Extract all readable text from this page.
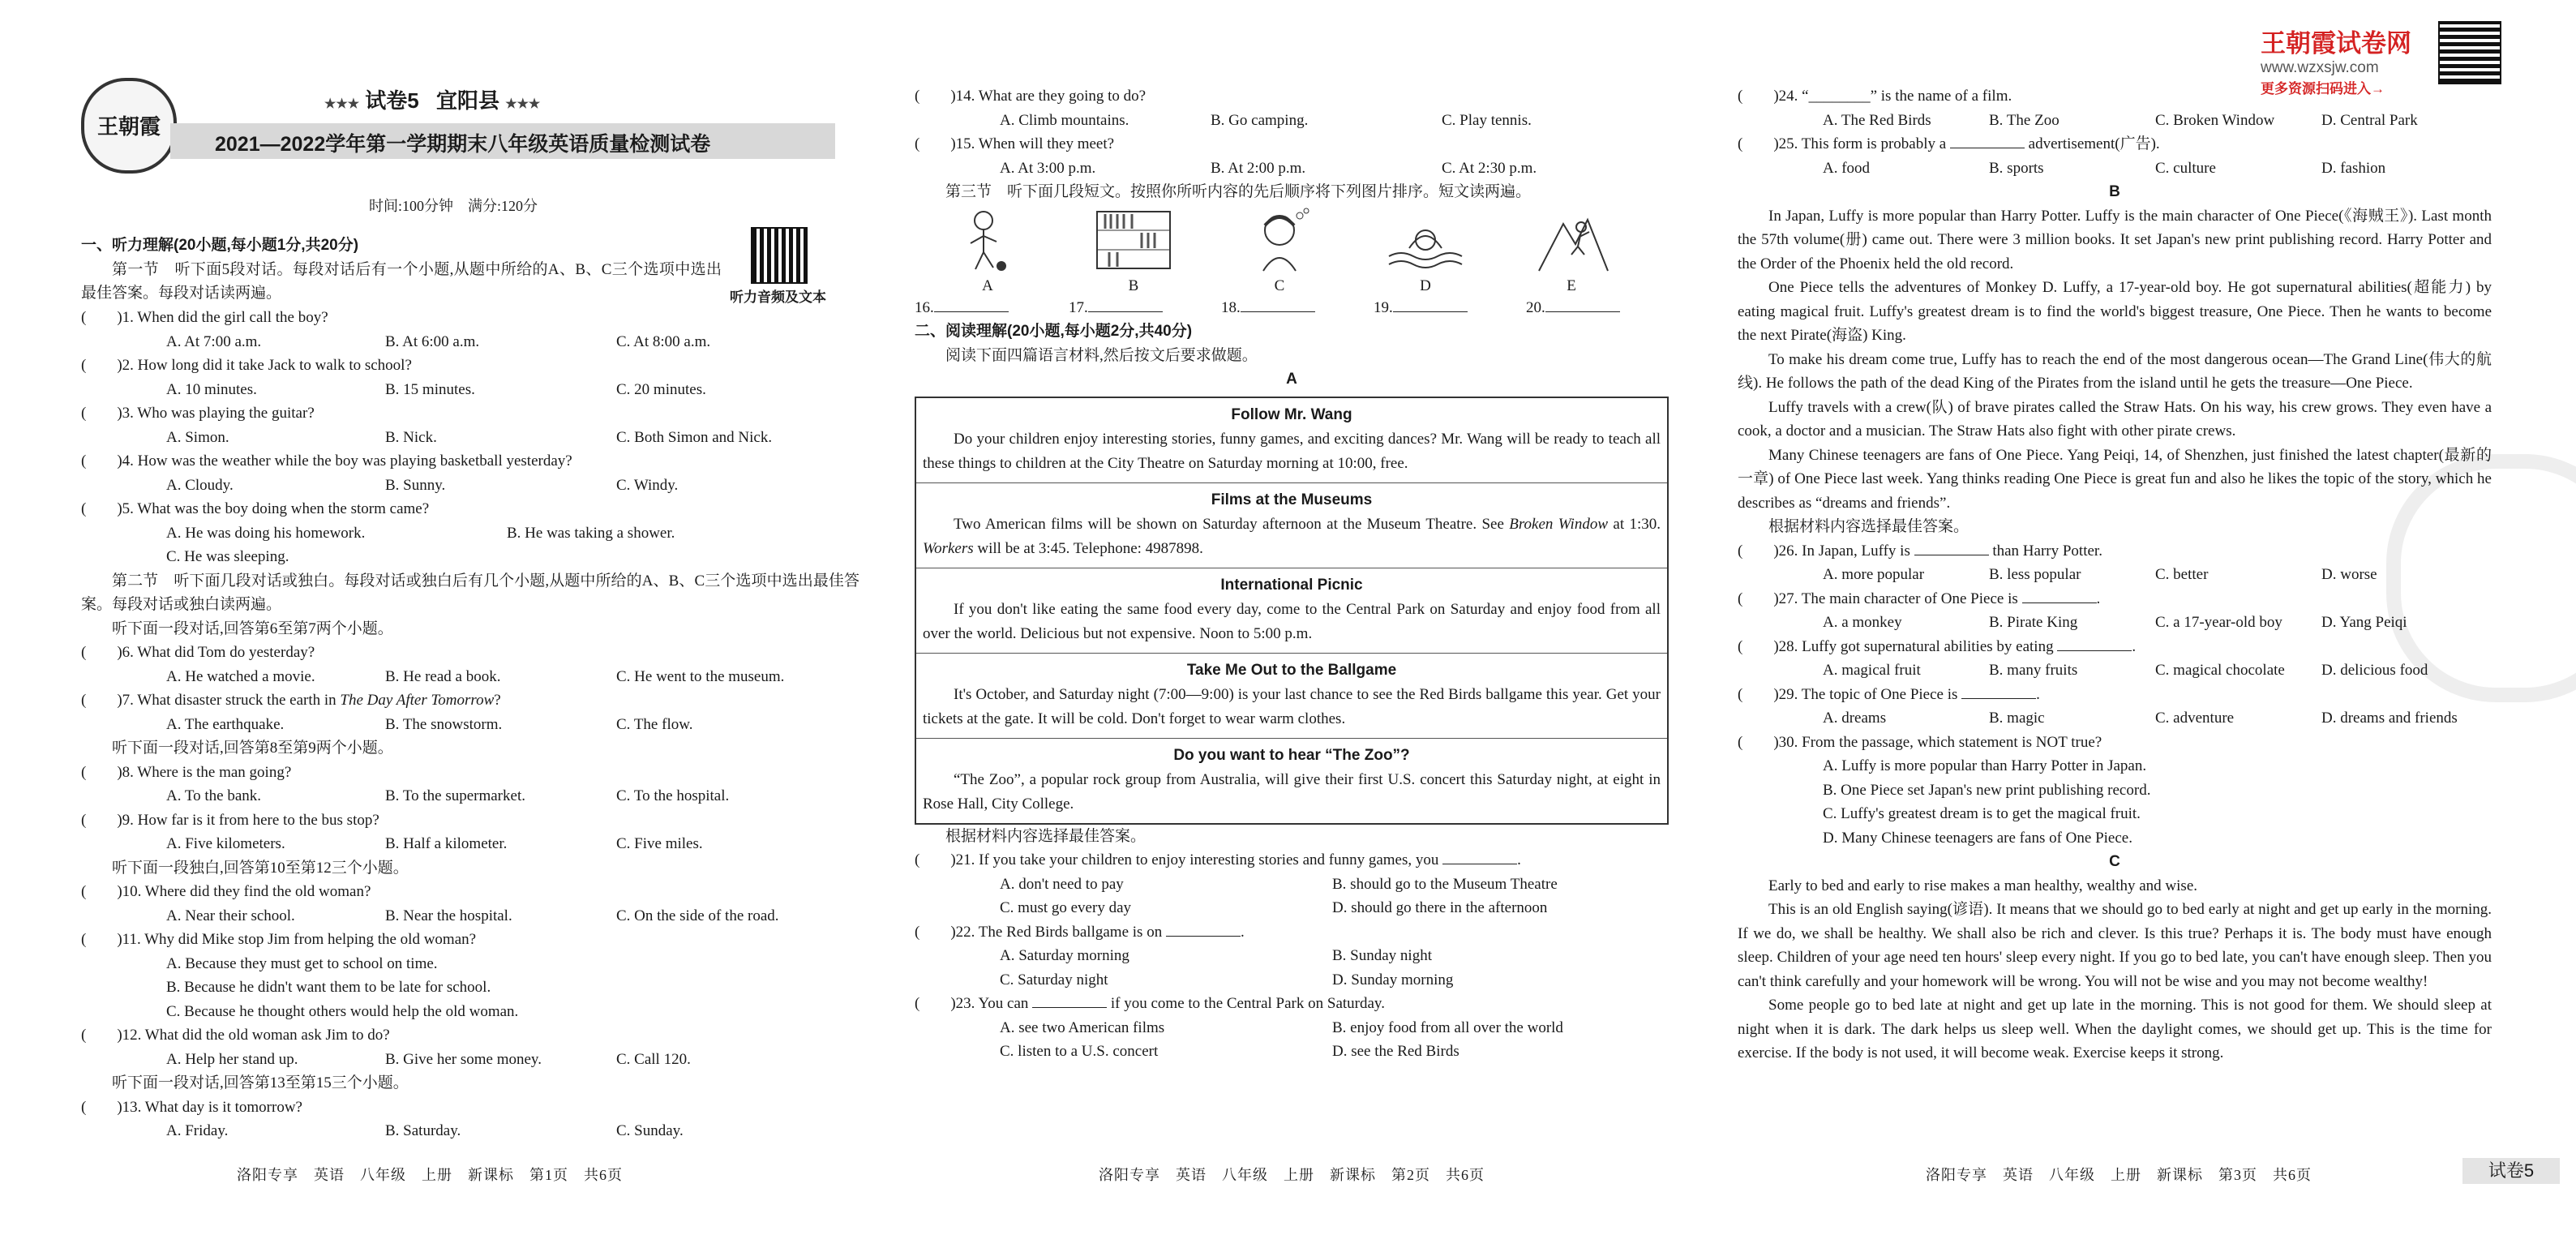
王朝霞
★★★ 试卷5 宜阳县 ★★★
2021—2022学年第一学期期末八年级英语质量检测试卷
时间:100分钟　满分:120分
听力音频及文本
一、听力理解(20小题,每小题1分,共20分)
第一节　听下面5段对话。每段对话后有一个小题,从题中所给的A、B、C三个选项中选出最佳答案。每段对话读两遍。
(　　)1. When did the girl call the boy?
A. At 7:00 a.m.	B. At 6:00 a.m.	C. At 8:00 a.m.
(　　)2. How long did it take Jack to walk to school?
A. 10 minutes.	B. 15 minutes.	C. 20 minutes.
(　　)3. Who was playing the guitar?
A. Simon.	B. Nick.	C. Both Simon and Nick.
(　　)4. How was the weather while the boy was playing basketball yesterday?
A. Cloudy.	B. Sunny.	C. Windy.
(　　)5. What was the boy doing when the storm came?
A. He was doing his homework.	B. He was taking a shower.
C. He was sleeping.
第二节　听下面几段对话或独白。每段对话或独白后有几个小题,从题中所给的A、B、C三个选项中选出最佳答案。每段对话或独白读两遍。
听下面一段对话,回答第6至第7两个小题。
(　　)6. What did Tom do yesterday?
A. He watched a movie.	B. He read a book.	C. He went to the museum.
(　　)7. What disaster struck the earth in The Day After Tomorrow?
A. The earthquake.	B. The snowstorm.	C. The flow.
听下面一段对话,回答第8至第9两个小题。
(　　)8. Where is the man going?
A. To the bank.	B. To the supermarket.	C. To the hospital.
(　　)9. How far is it from here to the bus stop?
A. Five kilometers.	B. Half a kilometer.	C. Five miles.
听下面一段独白,回答第10至第12三个小题。
(　　)10. Where did they find the old woman?
A. Near their school.	B. Near the hospital.	C. On the side of the road.
(　　)11. Why did Mike stop Jim from helping the old woman?
A. Because they must get to school on time.
B. Because he didn't want them to be late for school.
C. Because he thought others would help the old woman.
(　　)12. What did the old woman ask Jim to do?
A. Help her stand up.	B. Give her some money.	C. Call 120.
听下面一段对话,回答第13至第15三个小题。
(　　)13. What day is it tomorrow?
A. Friday.	B. Saturday.	C. Sunday.
洛阳专享　英语　八年级　上册　新课标　第1页　共6页
(　　)14. What are they going to do?
A. Climb mountains.	B. Go camping.	C. Play tennis.
(　　)15. When will they meet?
A. At 3:00 p.m.	B. At 2:00 p.m.	C. At 2:30 p.m.
第三节　听下面几段短文。按照你所听内容的先后顺序将下列图片排序。短文读两遍。
A	B	C	D	E
16.	17.	18.	19.	20.
二、阅读理解(20小题,每小题2分,共40分)
阅读下面四篇语言材料,然后按文后要求做题。
A
Follow Mr. Wang

Do your children enjoy interesting stories, funny games, and exciting dances? Mr. Wang will be ready to teach all these things to children at the City Theatre on Saturday morning at 10:00, free.

Films at the Museums

Two American films will be shown on Saturday afternoon at the Museum Theatre. See Broken Window at 1:30. Workers will be at 3:45. Telephone: 4987898.

International Picnic

If you don't like eating the same food every day, come to the Central Park on Saturday and enjoy food from all over the world. Delicious but not expensive. Noon to 5:00 p.m.

Take Me Out to the Ballgame

It's October, and Saturday night (7:00—9:00) is your last chance to see the Red Birds ballgame this year. Get your tickets at the gate. It will be cold. Don't forget to wear warm clothes.

Do you want to hear “The Zoo”?

“The Zoo”, a popular rock group from Australia, will give their first U.S. concert this Saturday night, at eight in Rose Hall, City College.

根据材料内容选择最佳答案。
(　　)21. If you take your children to enjoy interesting stories and funny games, you	.
A. don't need to pay	B. should go to the Museum Theatre
C. must go every day	D. should go there in the afternoon
(　　)22. The Red Birds ballgame is on	.
A. Saturday morning	B. Sunday night
C. Saturday night	D. Sunday morning
(　　)23. You can	if you come to the Central Park on Saturday.
A. see two American films	B. enjoy food from all over the world
C. listen to a U.S. concert	D. see the Red Birds
洛阳专享　英语　八年级　上册　新课标　第2页　共6页
王朝霞试卷网
www.wzxsjw.com
更多资源扫码进入→
(　　)24. “________” is the name of a film.
A. The Red Birds	B. The Zoo	C. Broken Window	D. Central Park
(　　)25. This form is probably a	advertisement(广告).
A. food	B. sports	C. culture	D. fashion
B
In Japan, Luffy is more popular than Harry Potter. Luffy is the main character of One Piece(《海贼王》). Last month the 57th volume(册) came out. There were 3 million books. It set Japan's new print publishing record. Harry Potter and the Order of the Phoenix held the old record.
One Piece tells the adventures of Monkey D. Luffy, a 17-year-old boy. He got supernatural abilities(超能力) by eating magical fruit. Luffy's greatest dream is to find the world's biggest treasure, One Piece. Then he wants to become the next Pirate(海盗) King.
To make his dream come true, Luffy has to reach the end of the most dangerous ocean—The Grand Line(伟大的航线). He follows the path of the dead King of the Pirates from the island until he gets the treasure—One Piece.
Luffy travels with a crew(队) of brave pirates called the Straw Hats. On his way, his crew grows. They even have a cook, a doctor and a musician. The Straw Hats also fight with other pirate crews.
Many Chinese teenagers are fans of One Piece. Yang Peiqi, 14, of Shenzhen, just finished the latest chapter(最新的一章) of One Piece last week. Yang thinks reading One Piece is great fun and also he likes the topic of the story, which he describes as “dreams and friends”.
根据材料内容选择最佳答案。
(　　)26. In Japan, Luffy is	than Harry Potter.
A. more popular	B. less popular	C. better	D. worse
(　　)27. The main character of One Piece is	.
A. a monkey	B. Pirate King	C. a 17-year-old boy	D. Yang Peiqi
(　　)28. Luffy got supernatural abilities by eating	.
A. magical fruit	B. many fruits	C. magical chocolate	D. delicious food
(　　)29. The topic of One Piece is	.
A. dreams	B. magic	C. adventure	D. dreams and friends
(　　)30. From the passage, which statement is NOT true?
A. Luffy is more popular than Harry Potter in Japan.
B. One Piece set Japan's new print publishing record.
C. Luffy's greatest dream is to get the magical fruit.
D. Many Chinese teenagers are fans of One Piece.
C
Early to bed and early to rise makes a man healthy, wealthy and wise.
This is an old English saying(谚语). It means that we should go to bed early at night and get up early in the morning. If we do, we shall be healthy. We shall also be rich and clever. Is this true? Perhaps it is. The body must have enough sleep. Children of your age need ten hours' sleep every night. If you go to bed late, you can't have enough sleep. Then you can't think carefully and your homework will be wrong. You will not be wise and you may not become wealthy!
Some people go to bed late at night and get up late in the morning. This is not good for them. We should sleep at night when it is dark. The dark helps us sleep well. When the daylight comes, we should get up. This is the time for exercise. If the body is not used, it will become weak. Exercise keeps it strong.
洛阳专享　英语　八年级　上册　新课标　第3页　共6页	试卷5
